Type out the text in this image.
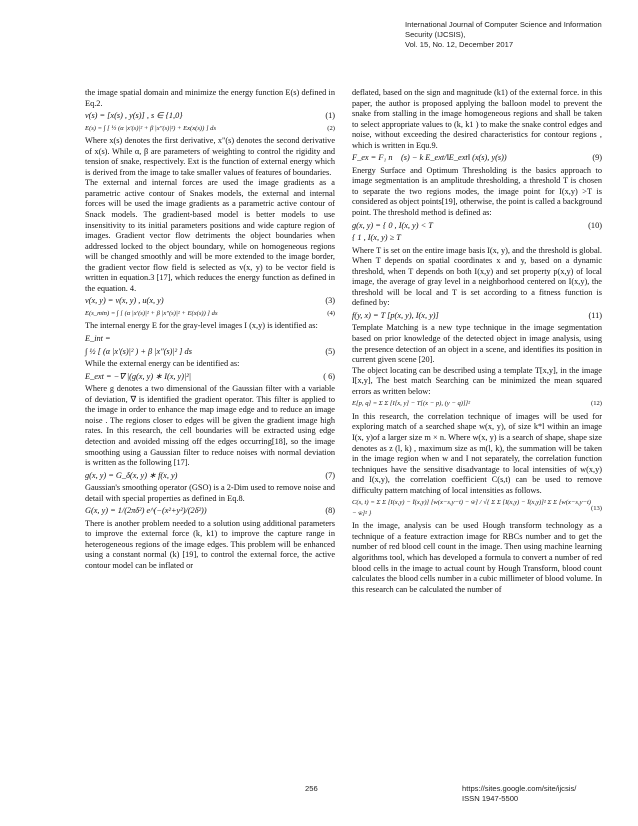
International Journal of Computer Science and Information Security (IJCSIS),
Vol. 15, No. 12, December 2017

the image spatial domain and minimize the energy function E(s) defined in Eq.2.

v(s) = [x(s) , y(s)] , s ∈ {1,0}	(1)
E(s) = ∫ [ ½ (α |x′(s)|² + β |x″(s)|²) + Ex(x(s)) ] ds	(2)

Where x(s) denotes the first derivative, x"(s) denotes the second derivative of x(s). While α, β are parameters of weighting to control the rigidity and tension of snake, respectively. Ext is the function of external energy which is derived from the image to take smaller values of features of boundaries.

The external and internal forces are used the image gradients as a parametric active contour of Snakes models, the external and internal forces will be used the image gradients as a parametric active contour of Snack models. The gradient-based model is better models to use insensitivity to its initial parameters positions and wide capture region of images. Gradient vector flow detriments the object boundaries when addressed locked to the object boundary, while on homogeneous regions will be changed smoothly and will be more extended to the image border, the gradient vector flow field is selected as v(x, y) to be vector field is written in equation.3 [17], which reduces the energy function as defined in the equation. 4.

v(x, y) = v(x, y) , u(x, y)	(3)
E(s_min) = ∫ [ (α |x′(s)|² + β |x″(s)|² + E(x(s)) ] ds	(4)

The internal energy E for the gray-level images I (x,y) is identified as:

E_int =
∫ ½ [ (α |x′(s)|² ) + β |x″(s)|² ] ds	(5)

While the external energy can be identified as:

E_ext = −∇ |(g(x, y) ∗ I(x, y)|²|	( 6)

Where g denotes a two dimensional of the Gaussian filter with a variable of deviation, ∇ is identified the gradient operator. This filter is applied to the image in order to enhance the map image edge and to reduce an image noise . The regions closer to edges will be given the gradient image high rates. In this research, the cell boundaries will be extracted using edge detection and avoided missing off the edges occurring[18], so the image smoothing using a Gaussian filter to reduce noises with normal deviation is written as the following [17].

g(x, y) = G_δ(x, y) ∗ f(x, y)	(7)

Gaussian's smoothing operator (GSO) is a 2-Dim used to remove noise and detail with special properties as defined in Eq.8.

G(x, y) = 1/(2πδ²) e^(−(x²+y²)/(2δ²))	(8)

There is another problem needed to a solution using additional parameters to improve the external force (k, k1) to improve the capture range in heterogeneous regions of the image edges. This problem will be enhanced using a constant normal (k) [19], to control the external force, the active contour model can be inflated or

deflated, based on the sign and magnitude (k1) of the external force. in this paper, the author is proposed applying the balloon model to prevent the snake from stalling in the image homogeneous regions and shall be taken to select appropriate values to (k, k1 ) to make the snake control edges and noise, without exceeding the desired characteristics for contour regions , which is written in Equ.9.

F_ex = F₁ n⃗ (s) − k E_ext/‖E_ext‖ (x(s), y(s))	(9)

Energy Surface and Optimum Thresholding is the basics approach to image segmentation is an amplitude thresholding, a threshold T is chosen to separate the two regions modes, the image point for I(x,y) >T is considered as object points[19], otherwise, the point is called a background point. The threshold method is defined as:

g(x, y) = { 0 , I(x, y) < T	(10)
{ 1 , I(x, y) ≥ T

Where T is set on the entire image basis I(x, y), and the threshold is global. When T depends on spatial coordinates x and y, based on a dynamic threshold, when T depends on both I(x,y) and set property p(x,y) of local image, the average of gray level in a neighborhood centered on I(x,y), the threshold will be local and T is set according to a fitness function is defined by:

f(y, x) = T [p(x, y), I(x, y)]	(11)

Template Matching is a new type technique in the image segmentation based on prior knowledge of the detected object in image analysis, using the presence detection of an object in a scene, and identifies its position in current given scene [20].

The object locating can be described using a template T[x,y], in the image I[x,y], The best match Searching can be minimized the mean squared errors as written below:

E[p, q] = Σ Σ [I[x, y] − T[(x − p), (y − q)]]²	(12)

In this research, the correlation technique of images will be used for exploring match of a searched shape w(x, y), of size k*l within an image I(x, y)of a larger size m × n. Where w(x, y) is a search of shape, shape size denotes as z (l, k) , maximum size as m(l, k), the summation will be taken in the image region when w and I not separately, the correlation function techniques have the sensitive disadvantage to local intensities of w(x,y) and I(x,y), the correlation coefficient C(s,t) can be used to remove difficulty pattern matching of local intensities as follows.

C(s, t) = Σ Σ [I(x,y) − Ī(x,y)] [w(x−s,y−t) − w̄] / √{ Σ Σ [I(x,y) − Ī(x,y)]² Σ Σ [w(x−s,y−t) − w̄]² }
(13)

In the image, analysis can be used Hough transform technology as a technique of a feature extraction image for RBCs number and to get the number of red blood cell count in the image. Then using machine learning algorithms tool, which has developed a formula to convert a number of red blood cells in the image to actual count by Hough Transform, blood count calculates the blood cells number in a cubic millimeter of blood volume. In this research can be calculated the number of

256	https://sites.google.com/site/ijcsis/
ISSN 1947-5500
